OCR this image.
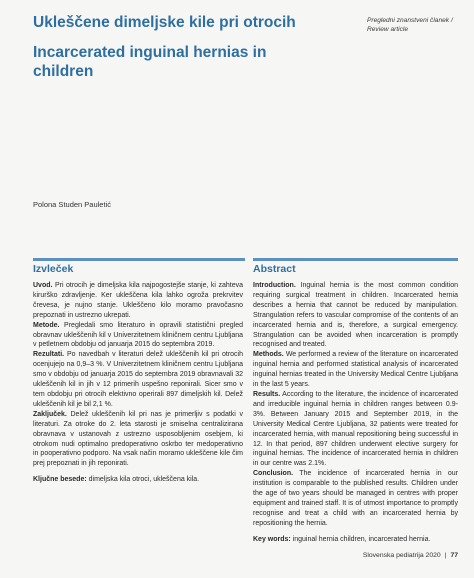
Ukleščene dimeljske kile pri otrocih
Incarcerated inguinal hernias in children
Pregledni znanstveni članek /
Review article
Polona Studen Pauletić
Izvleček

Uvod. Pri otrocih je dimeljska kila najpogostejše stanje, ki zahteva kirurško zdravljenje. Ker ukleščena kila lahko ogroža prekrvitev črevesa, je nujno stanje. Ukleščeno kilo moramo pravočasno prepoznati in ustrezno ukrepati.

Metode. Pregledali smo literaturo in opravili statistični pregled obravnav ukleščenih kil v Univerzitetnem kliničnem centru Ljubljana v petletnem obdobju od januarja 2015 do septembra 2019.

Rezultati. Po navedbah v literaturi delež ukleščenih kil pri otrocih ocenjujejo na 0,9–3 %. V Univerzitetnem kliničnem centru Ljubljana smo v obdobju od januarja 2015 do septembra 2019 obravnavali 32 ukleščenih kil in jih v 12 primerih uspešno reponirali. Sicer smo v tem obdobju pri otrocih elektivno operirali 897 dimeljskih kil. Delež ukleščenih kil je bil 2,1 %.

Zaključek. Delež ukleščenih kil pri nas je primerljiv s podatki v literaturi. Za otroke do 2. leta starosti je smiselna centralizirana obravnava v ustanovah z ustrezno usposobljenim osebjem, ki otrokom nudi optimalno predoperativno oskrbo ter medoperativno in pooperativno podporo. Na vsak način moramo ukleščene kile čim prej prepoznati in jih reponirati.

Ključne besede: dimeljska kila otroci, ukleščena kila.

Abstract

Introduction. Inguinal hernia is the most common condition requiring surgical treatment in children. Incarcerated hernia describes a hernia that cannot be reduced by manipulation. Strangulation refers to vascular compromise of the contents of an incarcerated hernia and is, therefore, a surgical emergency. Strangulation can be avoided when incarceration is promptly recognised and treated.

Methods. We performed a review of the literature on incarcerated inguinal hernia and performed statistical analysis of incarcerated inguinal hernias treated in the University Medical Centre Ljubljana in the last 5 years.

Results. According to the literature, the incidence of incarcerated and irreducible inguinal hernia in children ranges between 0.9-3%. Between January 2015 and September 2019, in the University Medical Centre Ljubljana, 32 patients were treated for incarcerated hernia, with manual repositioning being successful in 12. In that period, 897 children underwent elective surgery for inguinal hernias. The incidence of incarcerated hernia in children in our centre was 2.1%.

Conclusion. The incidence of incarcerated hernia in our institution is comparable to the published results. Children under the age of two years should be managed in centres with proper equipment and trained staff. It is of utmost importance to promptly recognise and treat a child with an incarcerated hernia by repositioning the hernia.

Key words: inguinal hernia children, incarcerated hernia.

Slovenska pediatrija 2020 | 77
